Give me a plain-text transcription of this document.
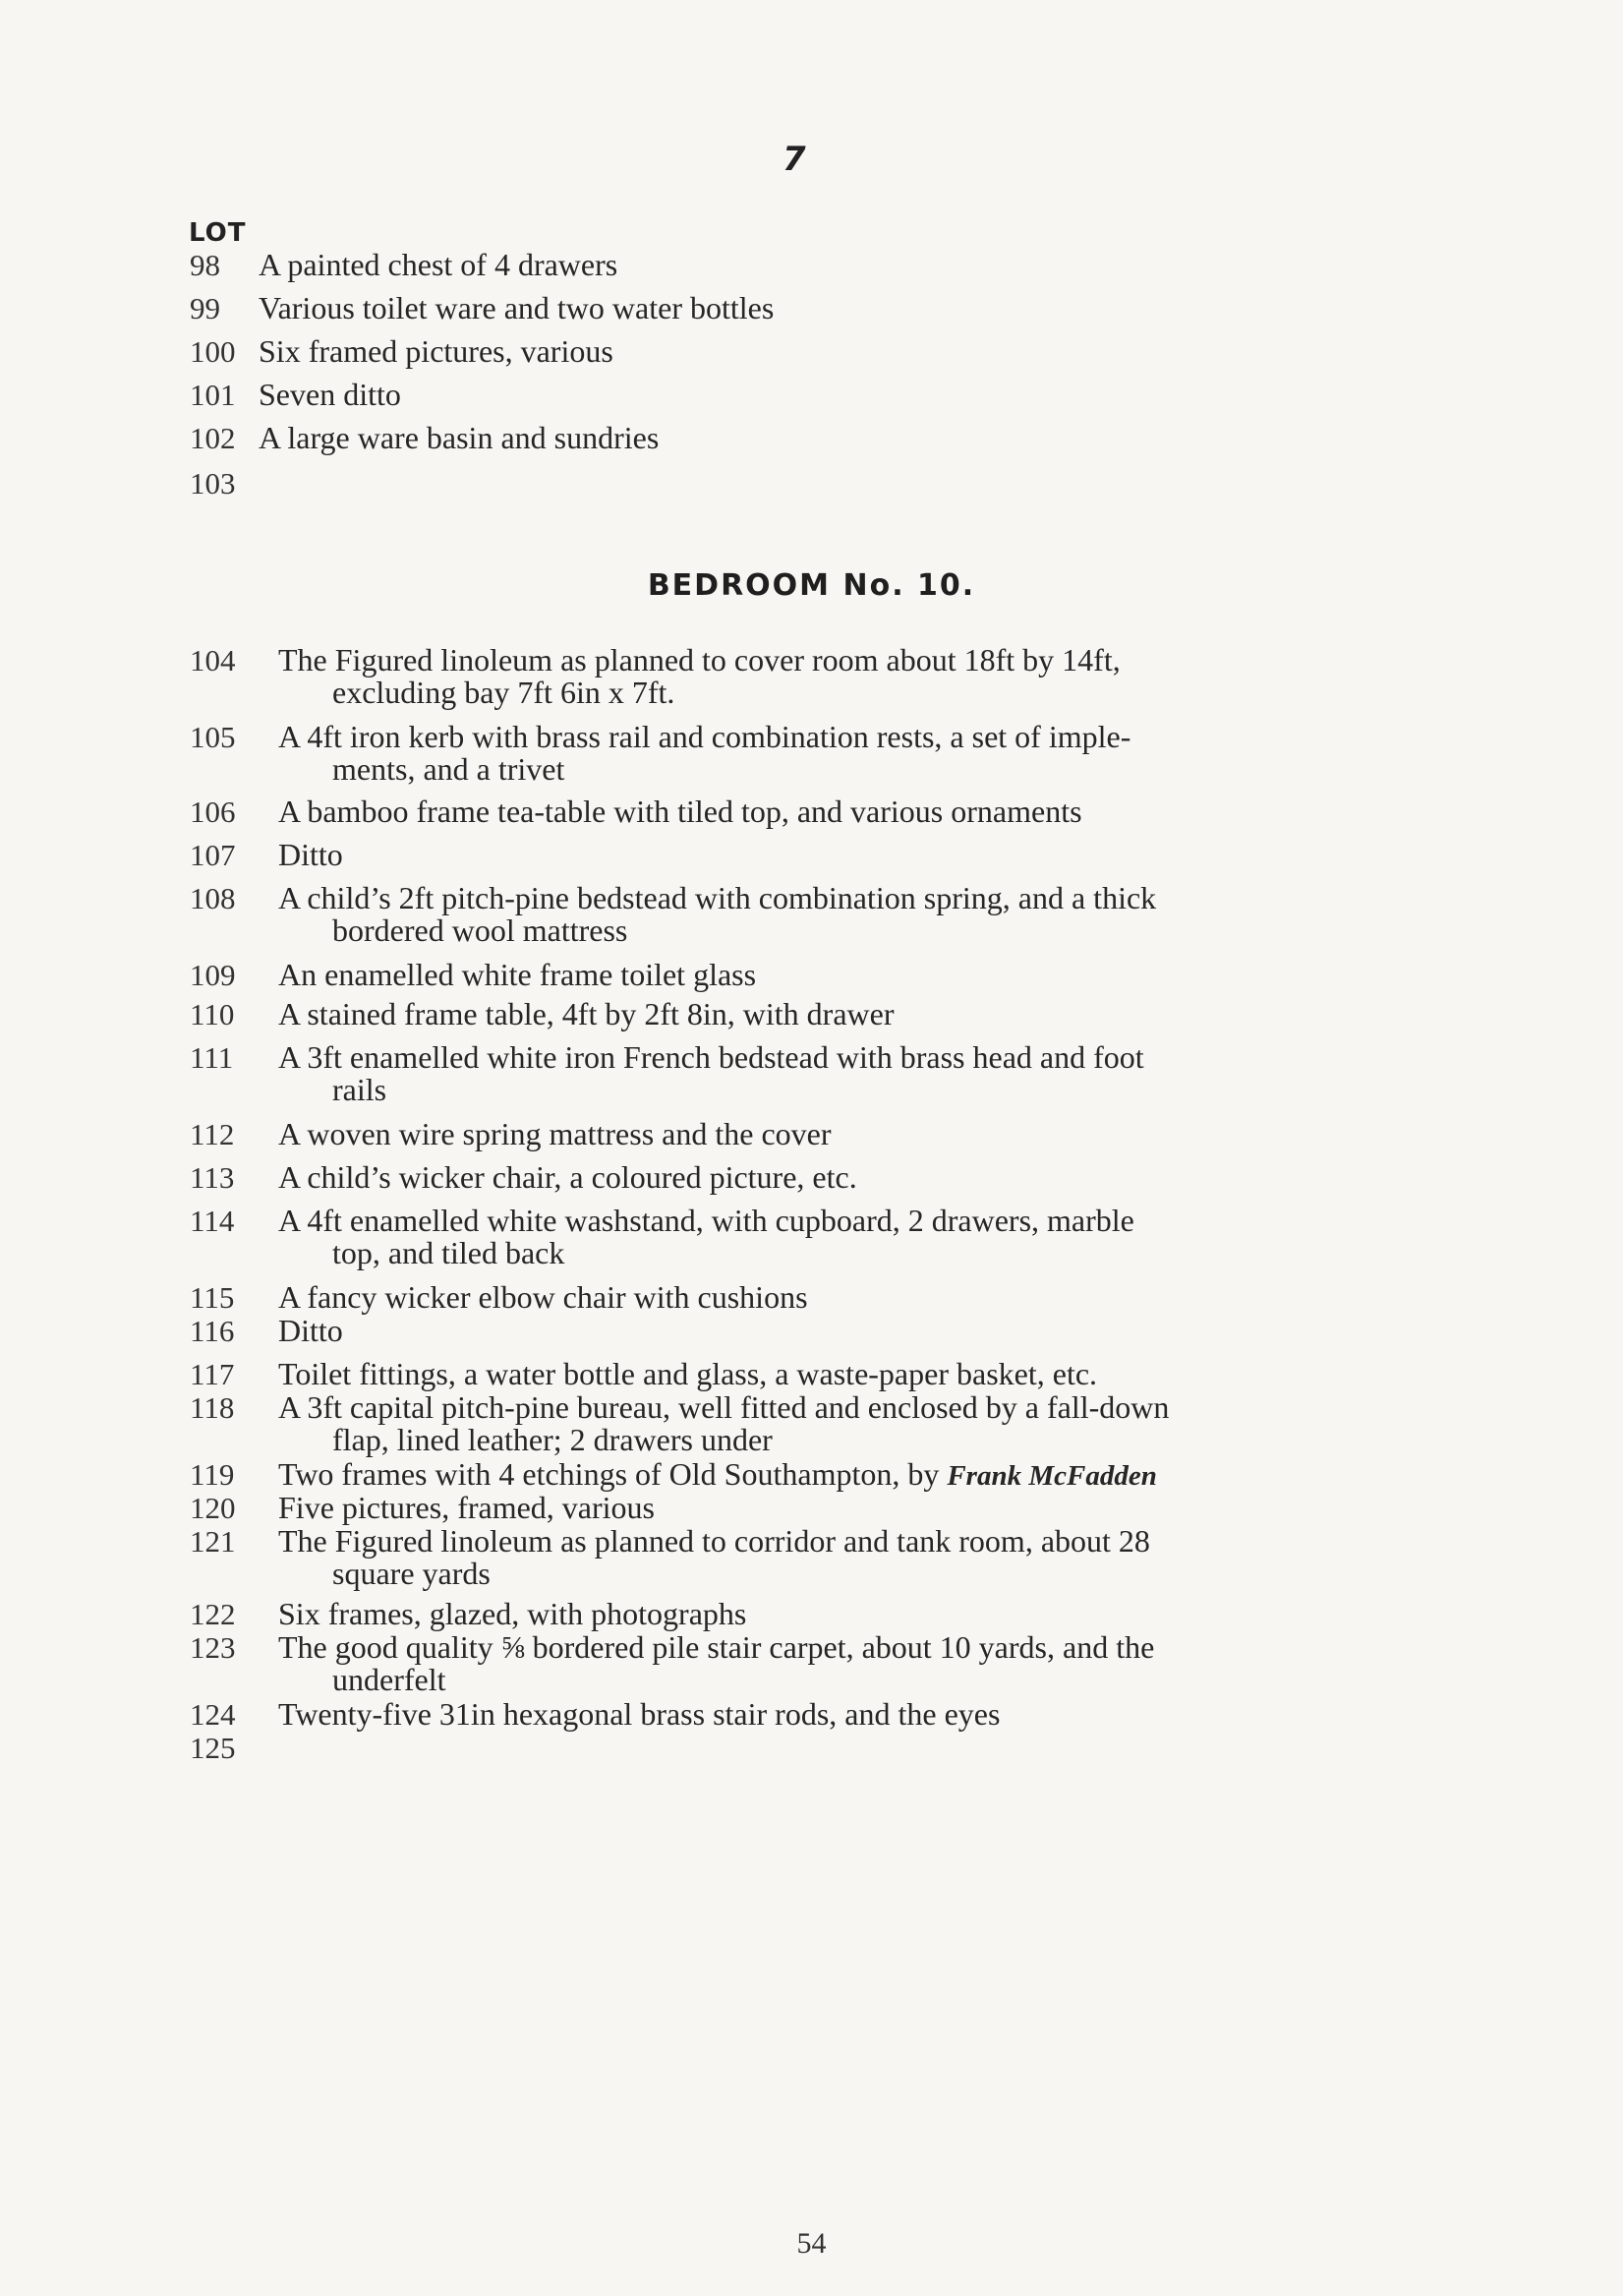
7
LOT
BEDROOM No. 10.
98	A painted chest of 4 drawers
99	Various toilet ware and two water bottles
100 Six framed pictures, various
101 Seven ditto
102 A large ware basin and sundries
103
104	The Figured linoleum as planned to cover room about 18ft by 14ft,
excluding bay 7ft 6in x 7ft.
105	A 4ft iron kerb with brass rail and combination rests, a set of imple-
ments, and a trivet
106	A bamboo frame tea-table with tiled top, and various ornaments
107	Ditto
108	A child’s 2ft pitch-pine bedstead with combination spring, and a thick
bordered wool mattress
109	An enamelled white frame toilet glass
110	A stained frame table, 4ft by 2ft 8in, with drawer
111	A 3ft enamelled white iron French bedstead with brass head and foot
rails
112	A woven wire spring mattress and the cover
113	A child’s wicker chair, a coloured picture, etc.
114	A 4ft enamelled white washstand, with cupboard, 2 drawers, marble
top, and tiled back
115	A fancy wicker elbow chair with cushions
116	Ditto
117	Toilet fittings, a water bottle and glass, a waste-paper basket, etc.
118	A 3ft capital pitch-pine bureau, well fitted and enclosed by a fall-down
flap, lined leather; 2 drawers under
119	Two frames with 4 etchings of Old Southampton, by Frank McFadden
120	Five pictures, framed, various
121	The Figured linoleum as planned to corridor and tank room, about 28
square yards
122	Six frames, glazed, with photographs
123	The good quality ⅝ bordered pile stair carpet, about 10 yards, and the
underfelt
124	Twenty-five 31in hexagonal brass stair rods, and the eyes
125
54
